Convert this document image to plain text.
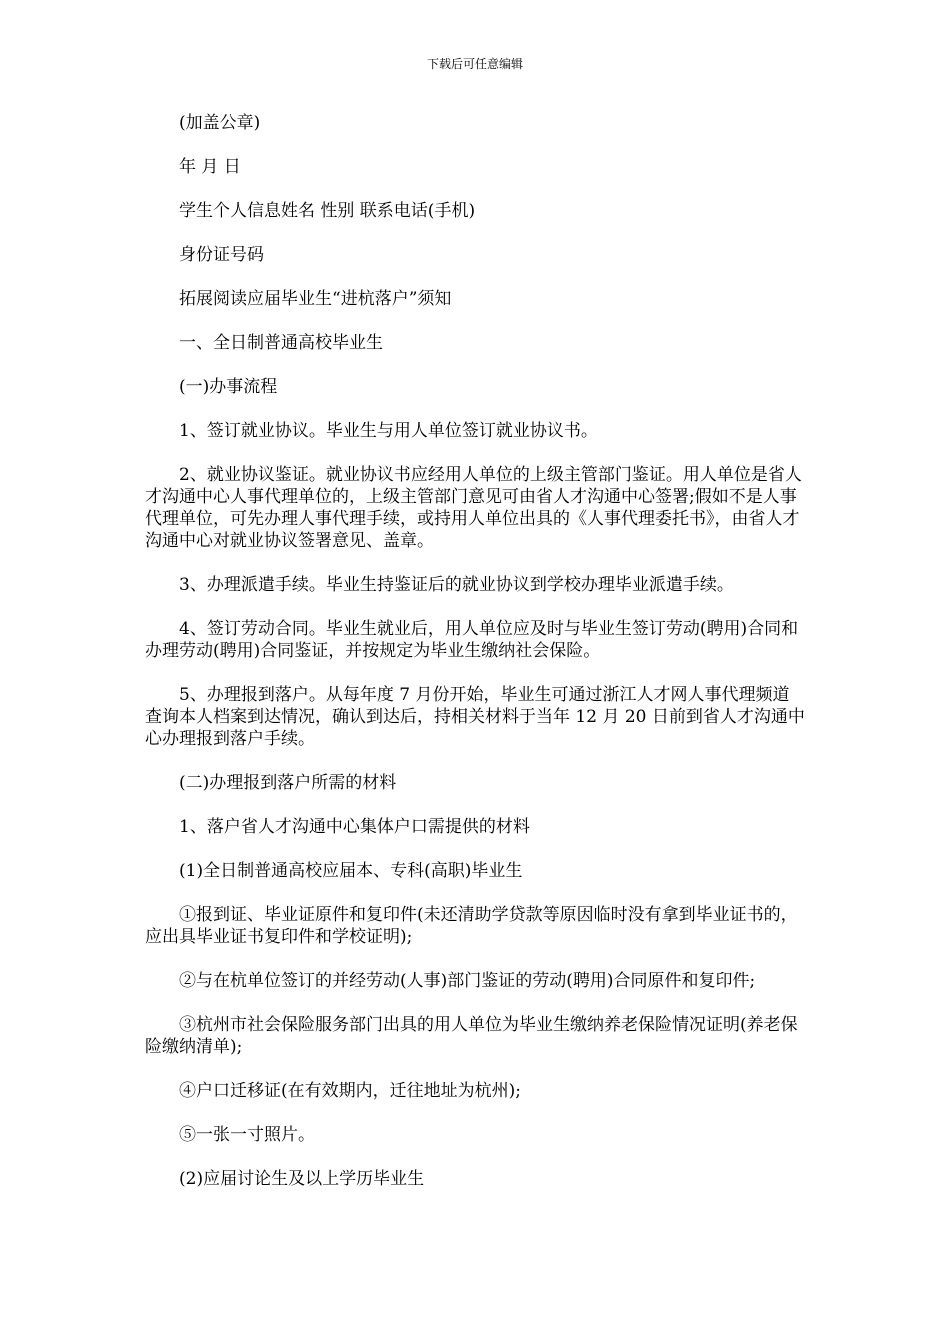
下载后可任意编辑

(加盖公章)

年 月 日

学生个人信息姓名 性别 联系电话(手机)

身份证号码

拓展阅读应届毕业生“进杭落户”须知

一、全日制普通高校毕业生

(一)办事流程

1、签订就业协议。毕业生与用人单位签订就业协议书。

2、就业协议鉴证。就业协议书应经用人单位的上级主管部门鉴证。用人单位是省人才沟通中心人事代理单位的，上级主管部门意见可由省人才沟通中心签署;假如不是人事代理单位，可先办理人事代理手续，或持用人单位出具的《人事代理委托书》，由省人才沟通中心对就业协议签署意见、盖章。

3、办理派遣手续。毕业生持鉴证后的就业协议到学校办理毕业派遣手续。

4、签订劳动合同。毕业生就业后，用人单位应及时与毕业生签订劳动(聘用)合同和办理劳动(聘用)合同鉴证，并按规定为毕业生缴纳社会保险。

5、办理报到落户。从每年度 7 月份开始，毕业生可通过浙江人才网人事代理频道查询本人档案到达情况，确认到达后，持相关材料于当年 12 月 20 日前到省人才沟通中心办理报到落户手续。

(二)办理报到落户所需的材料

1、落户省人才沟通中心集体户口需提供的材料

(1)全日制普通高校应届本、专科(高职)毕业生

①报到证、毕业证原件和复印件(未还清助学贷款等原因临时没有拿到毕业证书的，应出具毕业证书复印件和学校证明);

②与在杭单位签订的并经劳动(人事)部门鉴证的劳动(聘用)合同原件和复印件;

③杭州市社会保险服务部门出具的用人单位为毕业生缴纳养老保险情况证明(养老保险缴纳清单);

④户口迁移证(在有效期内，迁往地址为杭州);

⑤一张一寸照片。

(2)应届讨论生及以上学历毕业生
